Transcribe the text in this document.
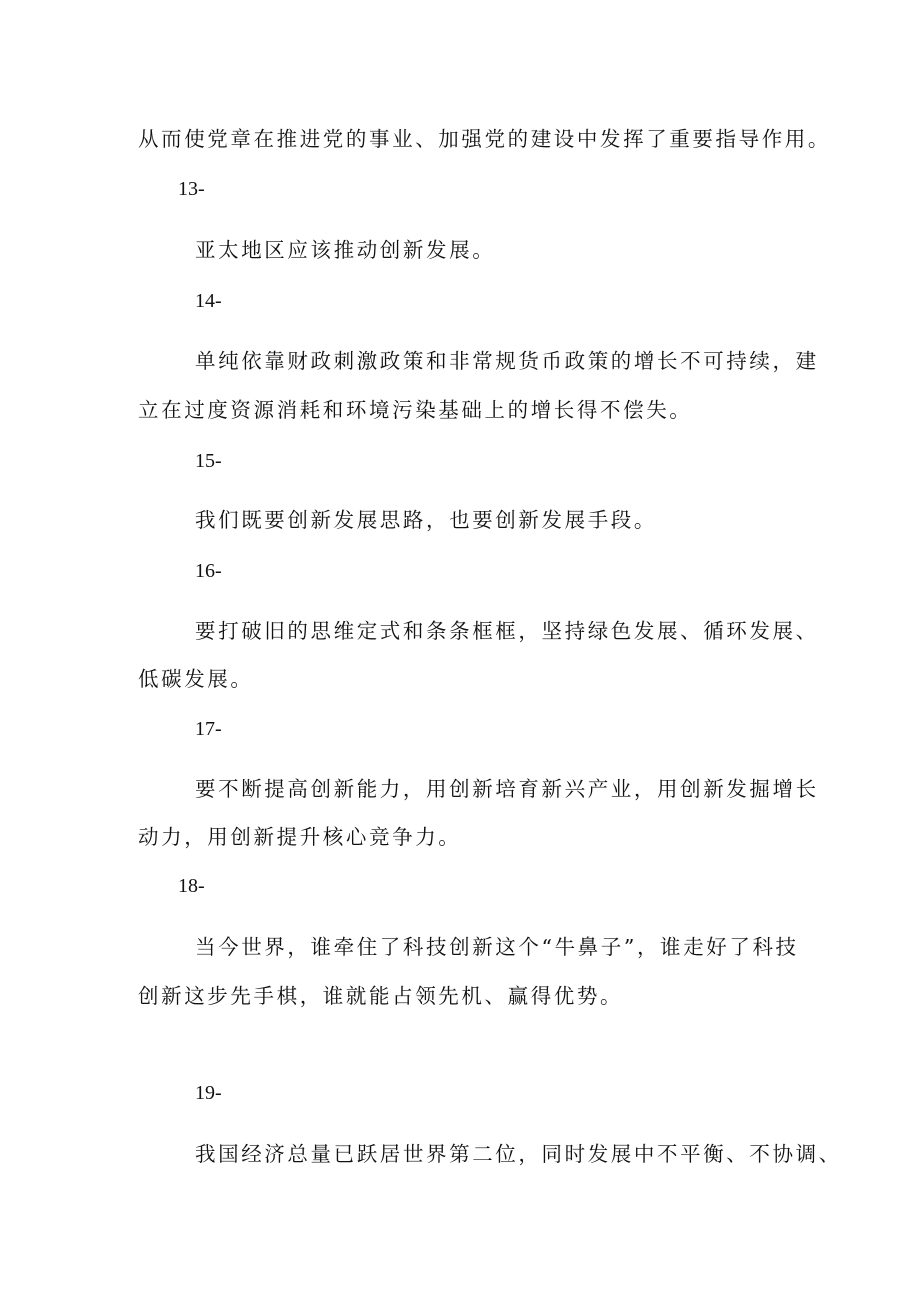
从而使党章在推进党的事业、加强党的建设中发挥了重要指导作用。

13-

亚太地区应该推动创新发展。

14-

单纯依靠财政刺激政策和非常规货币政策的增长不可持续，建

立在过度资源消耗和环境污染基础上的增长得不偿失。

15-

我们既要创新发展思路，也要创新发展手段。

16-

要打破旧的思维定式和条条框框，坚持绿色发展、循环发展、

低碳发展。

17-

要不断提高创新能力，用创新培育新兴产业，用创新发掘增长

动力，用创新提升核心竞争力。

18-

当今世界，谁牵住了科技创新这个“牛鼻子”，谁走好了科技

创新这步先手棋，谁就能占领先机、赢得优势。

19-

我国经济总量已跃居世界第二位，同时发展中不平衡、不协调、
